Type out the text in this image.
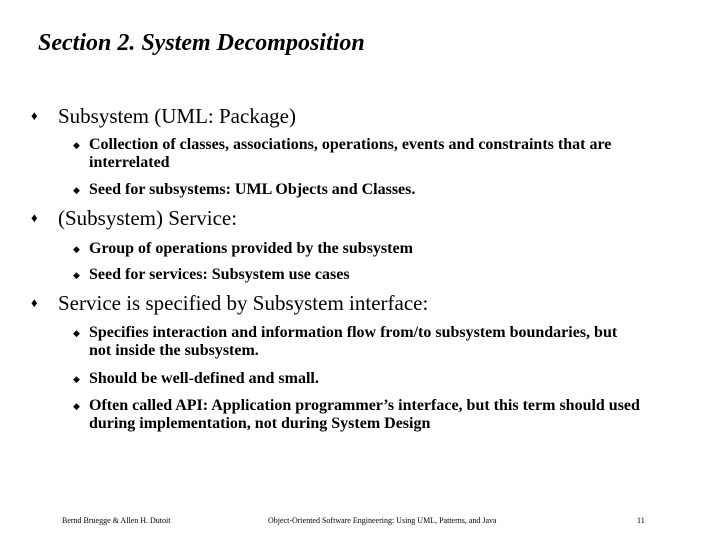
Section 2. System Decomposition
♦ Subsystem (UML: Package)
◆ Collection of classes, associations, operations, events and constraints that are interrelated
◆ Seed for subsystems: UML Objects and Classes.
♦ (Subsystem) Service:
◆ Group of operations provided by the subsystem
◆ Seed for services: Subsystem use cases
♦ Service is specified by Subsystem interface:
◆ Specifies interaction and information flow from/to subsystem boundaries, but not inside the subsystem.
◆ Should be well-defined and small.
◆ Often called API: Application programmer’s interface, but this term should used during implementation, not during System Design
Bernd Bruegge & Allen H. Dutoit	Object-Oriented Software Engineering: Using UML, Patterns, and Java	11
